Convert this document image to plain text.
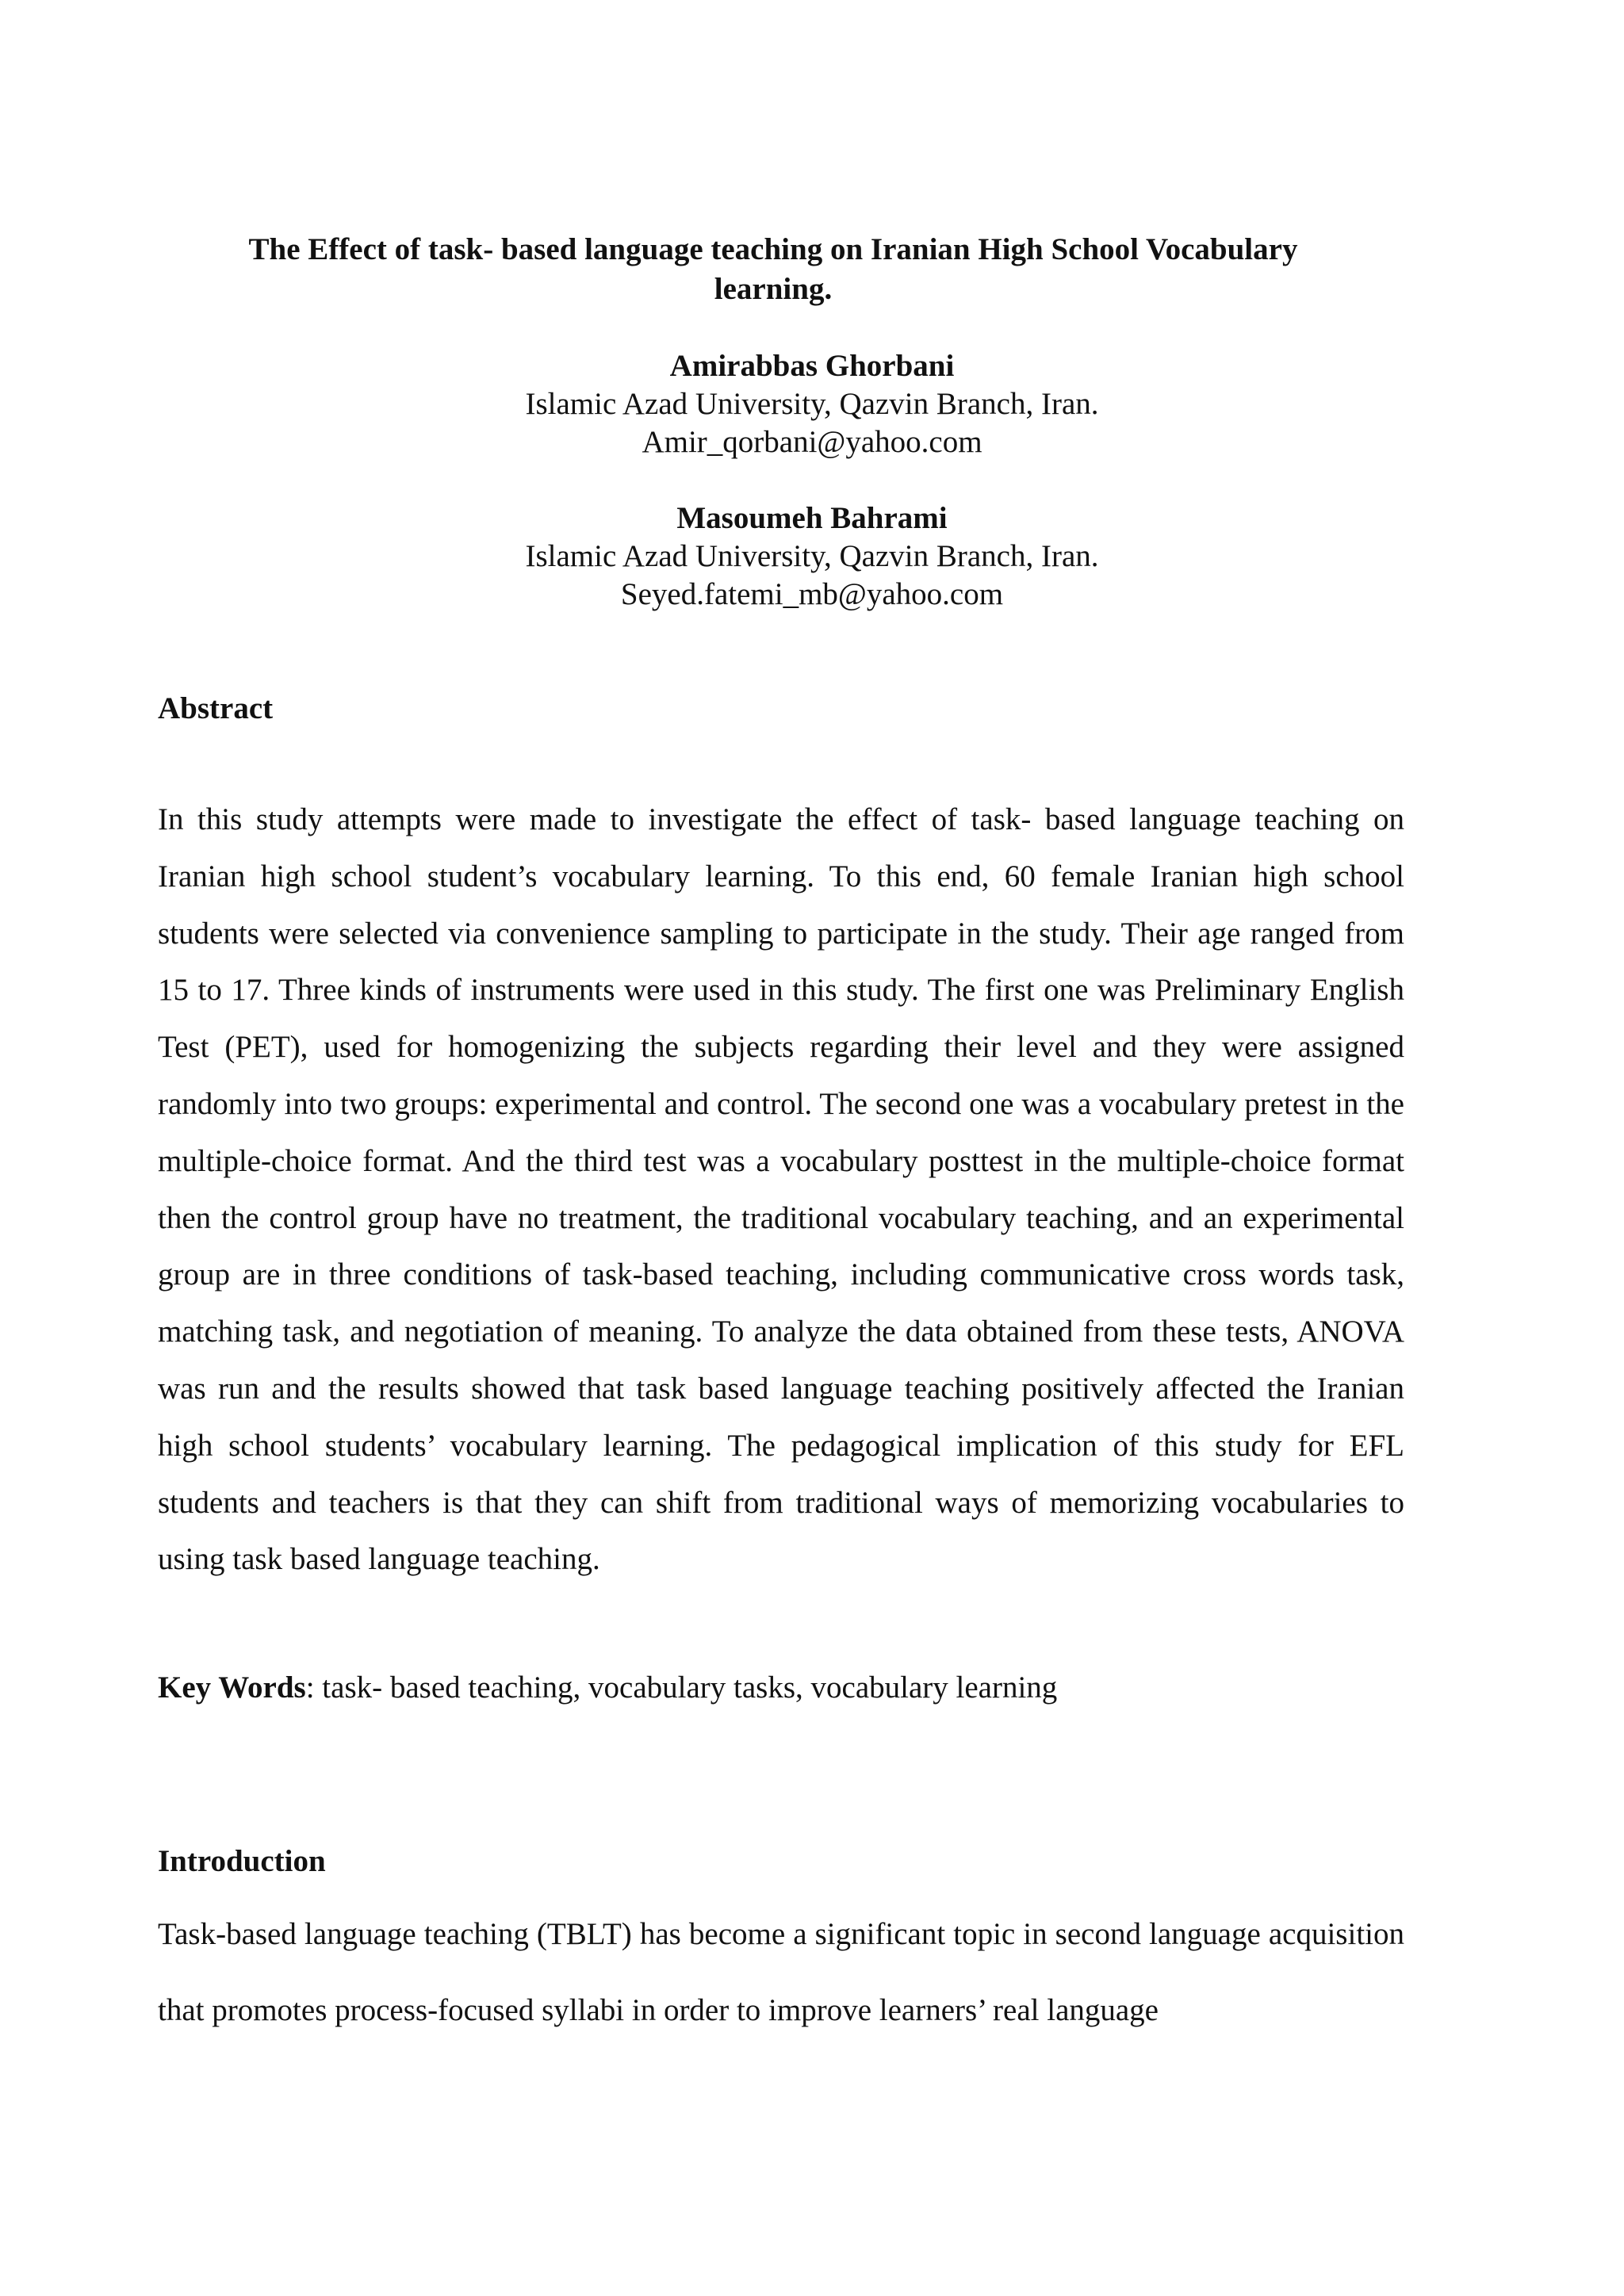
The Effect of task- based language teaching on Iranian High School Vocabulary learning.
Amirabbas Ghorbani
Islamic Azad University, Qazvin Branch, Iran.
Amir_qorbani@yahoo.com
Masoumeh Bahrami
Islamic Azad University, Qazvin Branch, Iran.
Seyed.fatemi_mb@yahoo.com
Abstract

In this study attempts were made to investigate the effect of task- based language teaching on Iranian high school student’s vocabulary learning. To this end, 60 female Iranian high school students were selected via convenience sampling to participate in the study. Their age ranged from 15 to 17. Three kinds of instruments were used in this study. The first one was Preliminary English Test (PET), used for homogenizing the subjects regarding their level and they were assigned randomly into two groups: experimental and control. The second one was a vocabulary pretest in the multiple-choice format. And the third test was a vocabulary posttest in the multiple-choice format then the control group have no treatment, the traditional vocabulary teaching, and an experimental group are in three conditions of task-based teaching, including communicative cross words task, matching task, and negotiation of meaning. To analyze the data obtained from these tests, ANOVA was run and the results showed that task based language teaching positively affected the Iranian high school students’ vocabulary learning. The pedagogical implication of this study for EFL students and teachers is that they can shift from traditional ways of memorizing vocabularies to using task based language teaching.

Key Words: task- based teaching, vocabulary tasks, vocabulary learning

Introduction

Task-based language teaching (TBLT) has become a significant topic in second language acquisition that promotes process-focused syllabi in order to improve learners’ real language
